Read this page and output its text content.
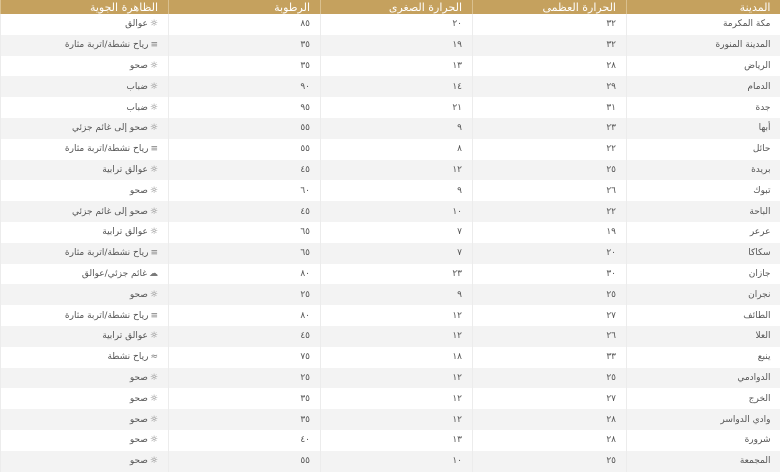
المدينة	الحرارة العظمى	الحرارة الصغرى	الرطوبة	الظاهرة الجوية
مكة المكرمة	٣٢	٢٠	٨٥	☼عوالق
المدينة المنورة	٣٢	١٩	٣٥	≡رياح نشطة/اتربة مثارة
الرياض	٢٨	١٣	٣٥	☼صحو
الدمام	٢٩	١٤	٩٠	☼ضباب
جدة	٣١	٢١	٩٥	☼ضباب
أبها	٢٣	٩	٥٥	☼صحو إلى غائم جزئي
حائل	٢٢	٨	٥٥	≡رياح نشطة/اتربة مثارة
بريدة	٢٥	١٢	٤٥	☼عوالق ترابية
تبوك	٢٦	٩	٦٠	☼صحو
الباحة	٢٢	١٠	٤٥	☼صحو إلى غائم جزئي
عرعر	١٩	٧	٦٥	☼عوالق ترابية
سكاكا	٢٠	٧	٦٥	≡رياح نشطة/اتربة مثارة
جازان	٣٠	٢٣	٨٠	☁غائم جزئي/عوالق
نجران	٢٥	٩	٢٥	☼صحو
الطائف	٢٧	١٢	٨٠	≡رياح نشطة/اتربة مثارة
العلا	٢٦	١٢	٤٥	☼عوالق ترابية
ينبع	٣٣	١٨	٧٥	≈رياح نشطة
الدوادمي	٢٥	١٢	٢٥	☼صحو
الخرج	٢٧	١٢	٣٥	☼صحو
وادي الدواسر	٢٨	١٢	٣٥	☼صحو
شرورة	٢٨	١٣	٤٠	☼صحو
المجمعة	٢٥	١٠	٥٥	☼صحو
